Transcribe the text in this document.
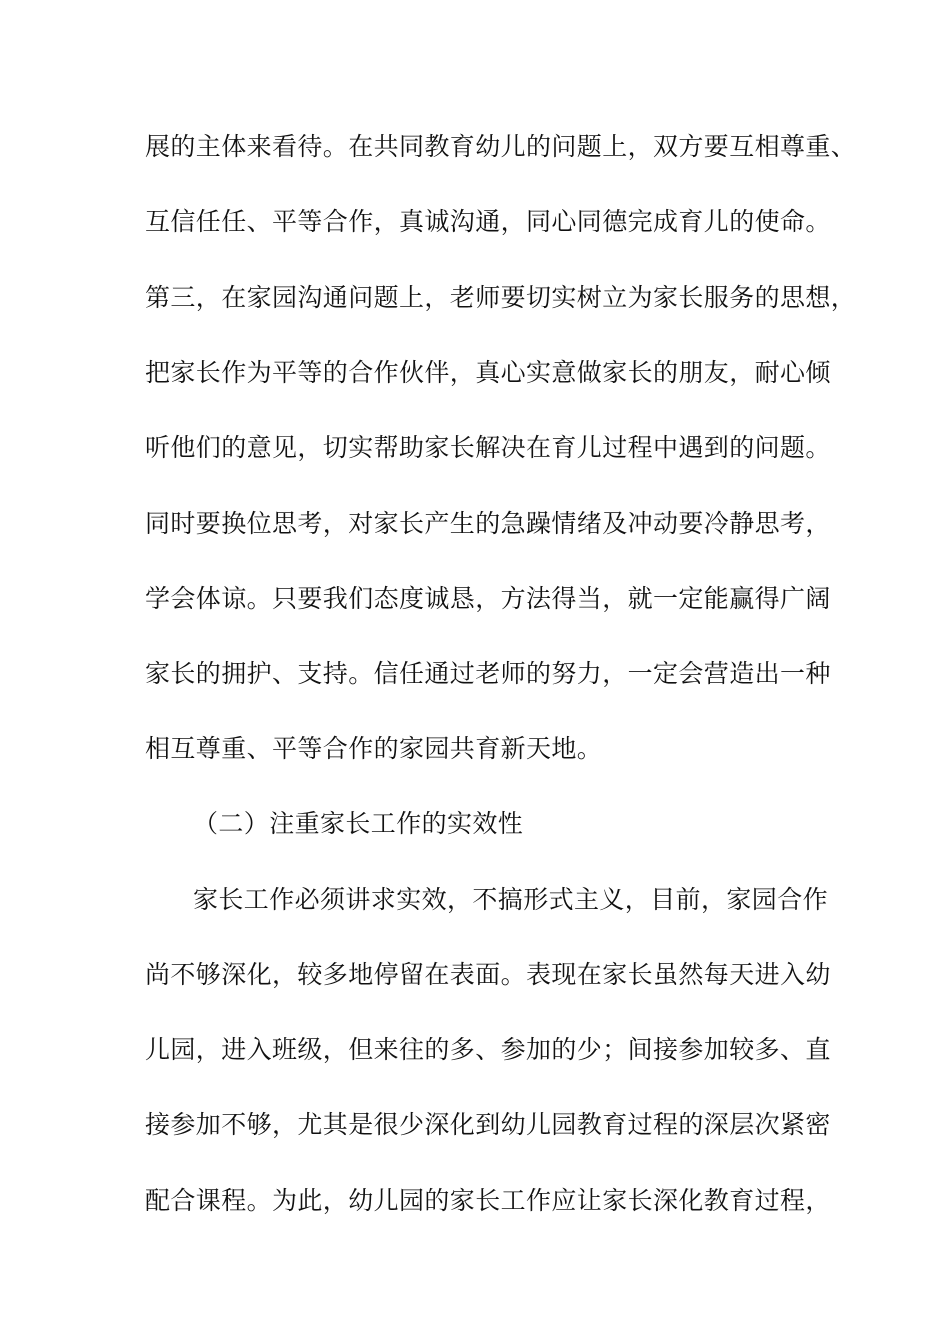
展的主体来看待。在共同教育幼儿的问题上，双方要互相尊重、
互信任任、平等合作，真诚沟通，同心同德完成育儿的使命。
第三，在家园沟通问题上，老师要切实树立为家长服务的思想，
把家长作为平等的合作伙伴，真心实意做家长的朋友，耐心倾
听他们的意见，切实帮助家长解决在育儿过程中遇到的问题。
同时要换位思考，对家长产生的急躁情绪及冲动要冷静思考，
学会体谅。只要我们态度诚恳，方法得当，就一定能赢得广阔
家长的拥护、支持。信任通过老师的努力，一定会营造出一种
相互尊重、平等合作的家园共育新天地。
（二）注重家长工作的实效性
家长工作必须讲求实效，不搞形式主义，目前，家园合作
尚不够深化，较多地停留在表面。表现在家长虽然每天进入幼
儿园，进入班级，但来往的多、参加的少；间接参加较多、直
接参加不够，尤其是很少深化到幼儿园教育过程的深层次紧密
配合课程。为此，幼儿园的家长工作应让家长深化教育过程，
